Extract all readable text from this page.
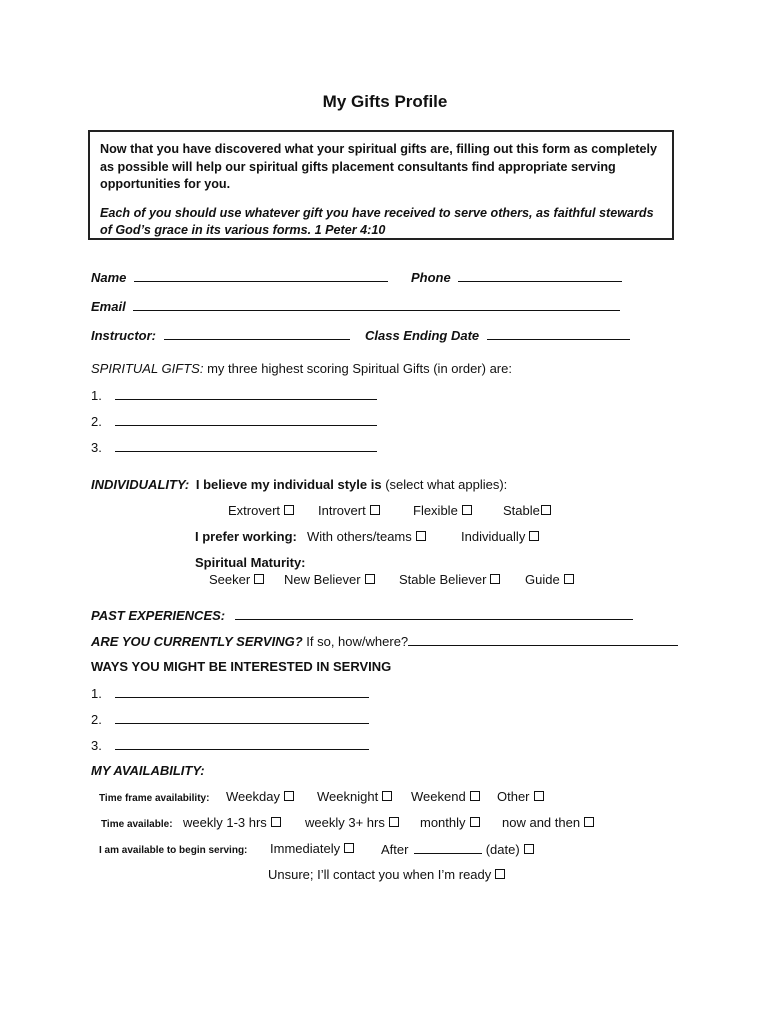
My Gifts Profile

Now that you have discovered what your spiritual gifts are, filling out this form as completely as possible will help our spiritual gifts placement consultants find appropriate serving opportunities for you.

Each of you should use whatever gift you have received to serve others, as faithful stewards of God’s grace in its various forms. 1 Peter 4:10

Name	Phone
Email
Instructor:	Class Ending Date
SPIRITUAL GIFTS: my three highest scoring Spiritual Gifts (in order) are:
1.
2.
3.
INDIVIDUALITY: I believe my individual style is (select what applies):
Extrovert	Introvert	Flexible	Stable
I prefer working: With others/teams	Individually
Spiritual Maturity:
Seeker	New Believer	Stable Believer	Guide
PAST EXPERIENCES:
ARE YOU CURRENTLY SERVING? If so, how/where?
WAYS YOU MIGHT BE INTERESTED IN SERVING
1.
2.
3.
MY AVAILABILITY:
Time frame availability: Weekday	Weeknight	Weekend	Other
Time available: weekly 1-3 hrs	weekly 3+ hrs	monthly	now and then
I am available to begin serving: Immediately	After	(date)
Unsure; I’ll contact you when I’m ready
